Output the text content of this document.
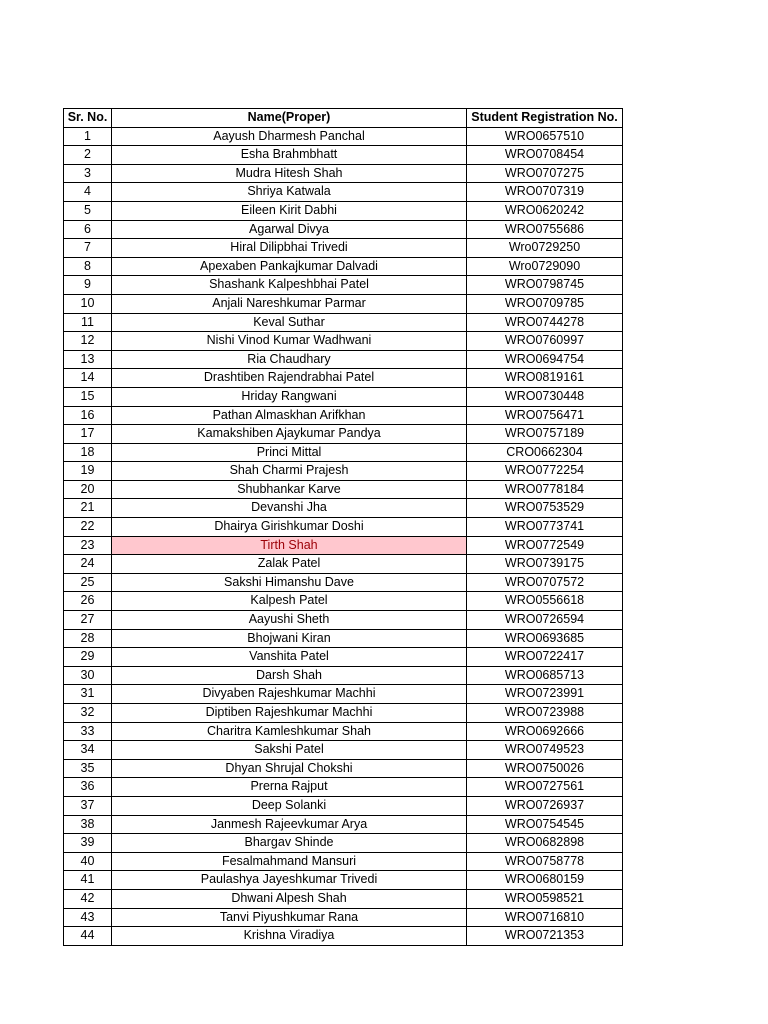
Sr. No.	Name(Proper)	Student Registration No.
1	Aayush Dharmesh Panchal	WRO0657510
2	Esha Brahmbhatt	WRO0708454
3	Mudra Hitesh Shah	WRO0707275
4	Shriya Katwala	WRO0707319
5	Eileen Kirit Dabhi	WRO0620242
6	Agarwal Divya	WRO0755686
7	Hiral Dilipbhai Trivedi	Wro0729250
8	Apexaben Pankajkumar Dalvadi	Wro0729090
9	Shashank Kalpeshbhai Patel	WRO0798745
10	Anjali Nareshkumar Parmar	WRO0709785
11	Keval Suthar	WRO0744278
12	Nishi Vinod Kumar Wadhwani	WRO0760997
13	Ria Chaudhary	WRO0694754
14	Drashtiben Rajendrabhai Patel	WRO0819161
15	Hriday Rangwani	WRO0730448
16	Pathan Almaskhan Arifkhan	WRO0756471
17	Kamakshiben Ajaykumar Pandya	WRO0757189
18	Princi Mittal	CRO0662304
19	Shah Charmi Prajesh	WRO0772254
20	Shubhankar Karve	WRO0778184
21	Devanshi Jha	WRO0753529
22	Dhairya Girishkumar Doshi	WRO0773741
23	Tirth Shah	WRO0772549
24	Zalak Patel	WRO0739175
25	Sakshi Himanshu Dave	WRO0707572
26	Kalpesh Patel	WRO0556618
27	Aayushi Sheth	WRO0726594
28	Bhojwani Kiran	WRO0693685
29	Vanshita Patel	WRO0722417
30	Darsh Shah	WRO0685713
31	Divyaben Rajeshkumar Machhi	WRO0723991
32	Diptiben Rajeshkumar Machhi	WRO0723988
33	Charitra Kamleshkumar Shah	WRO0692666
34	Sakshi Patel	WRO0749523
35	Dhyan Shrujal Chokshi	WRO0750026
36	Prerna Rajput	WRO0727561
37	Deep Solanki	WRO0726937
38	Janmesh Rajeevkumar Arya	WRO0754545
39	Bhargav Shinde	WRO0682898
40	Fesalmahmand Mansuri	WRO0758778
41	Paulashya Jayeshkumar Trivedi	WRO0680159
42	Dhwani Alpesh Shah	WRO0598521
43	Tanvi Piyushkumar Rana	WRO0716810
44	Krishna Viradiya	WRO0721353
